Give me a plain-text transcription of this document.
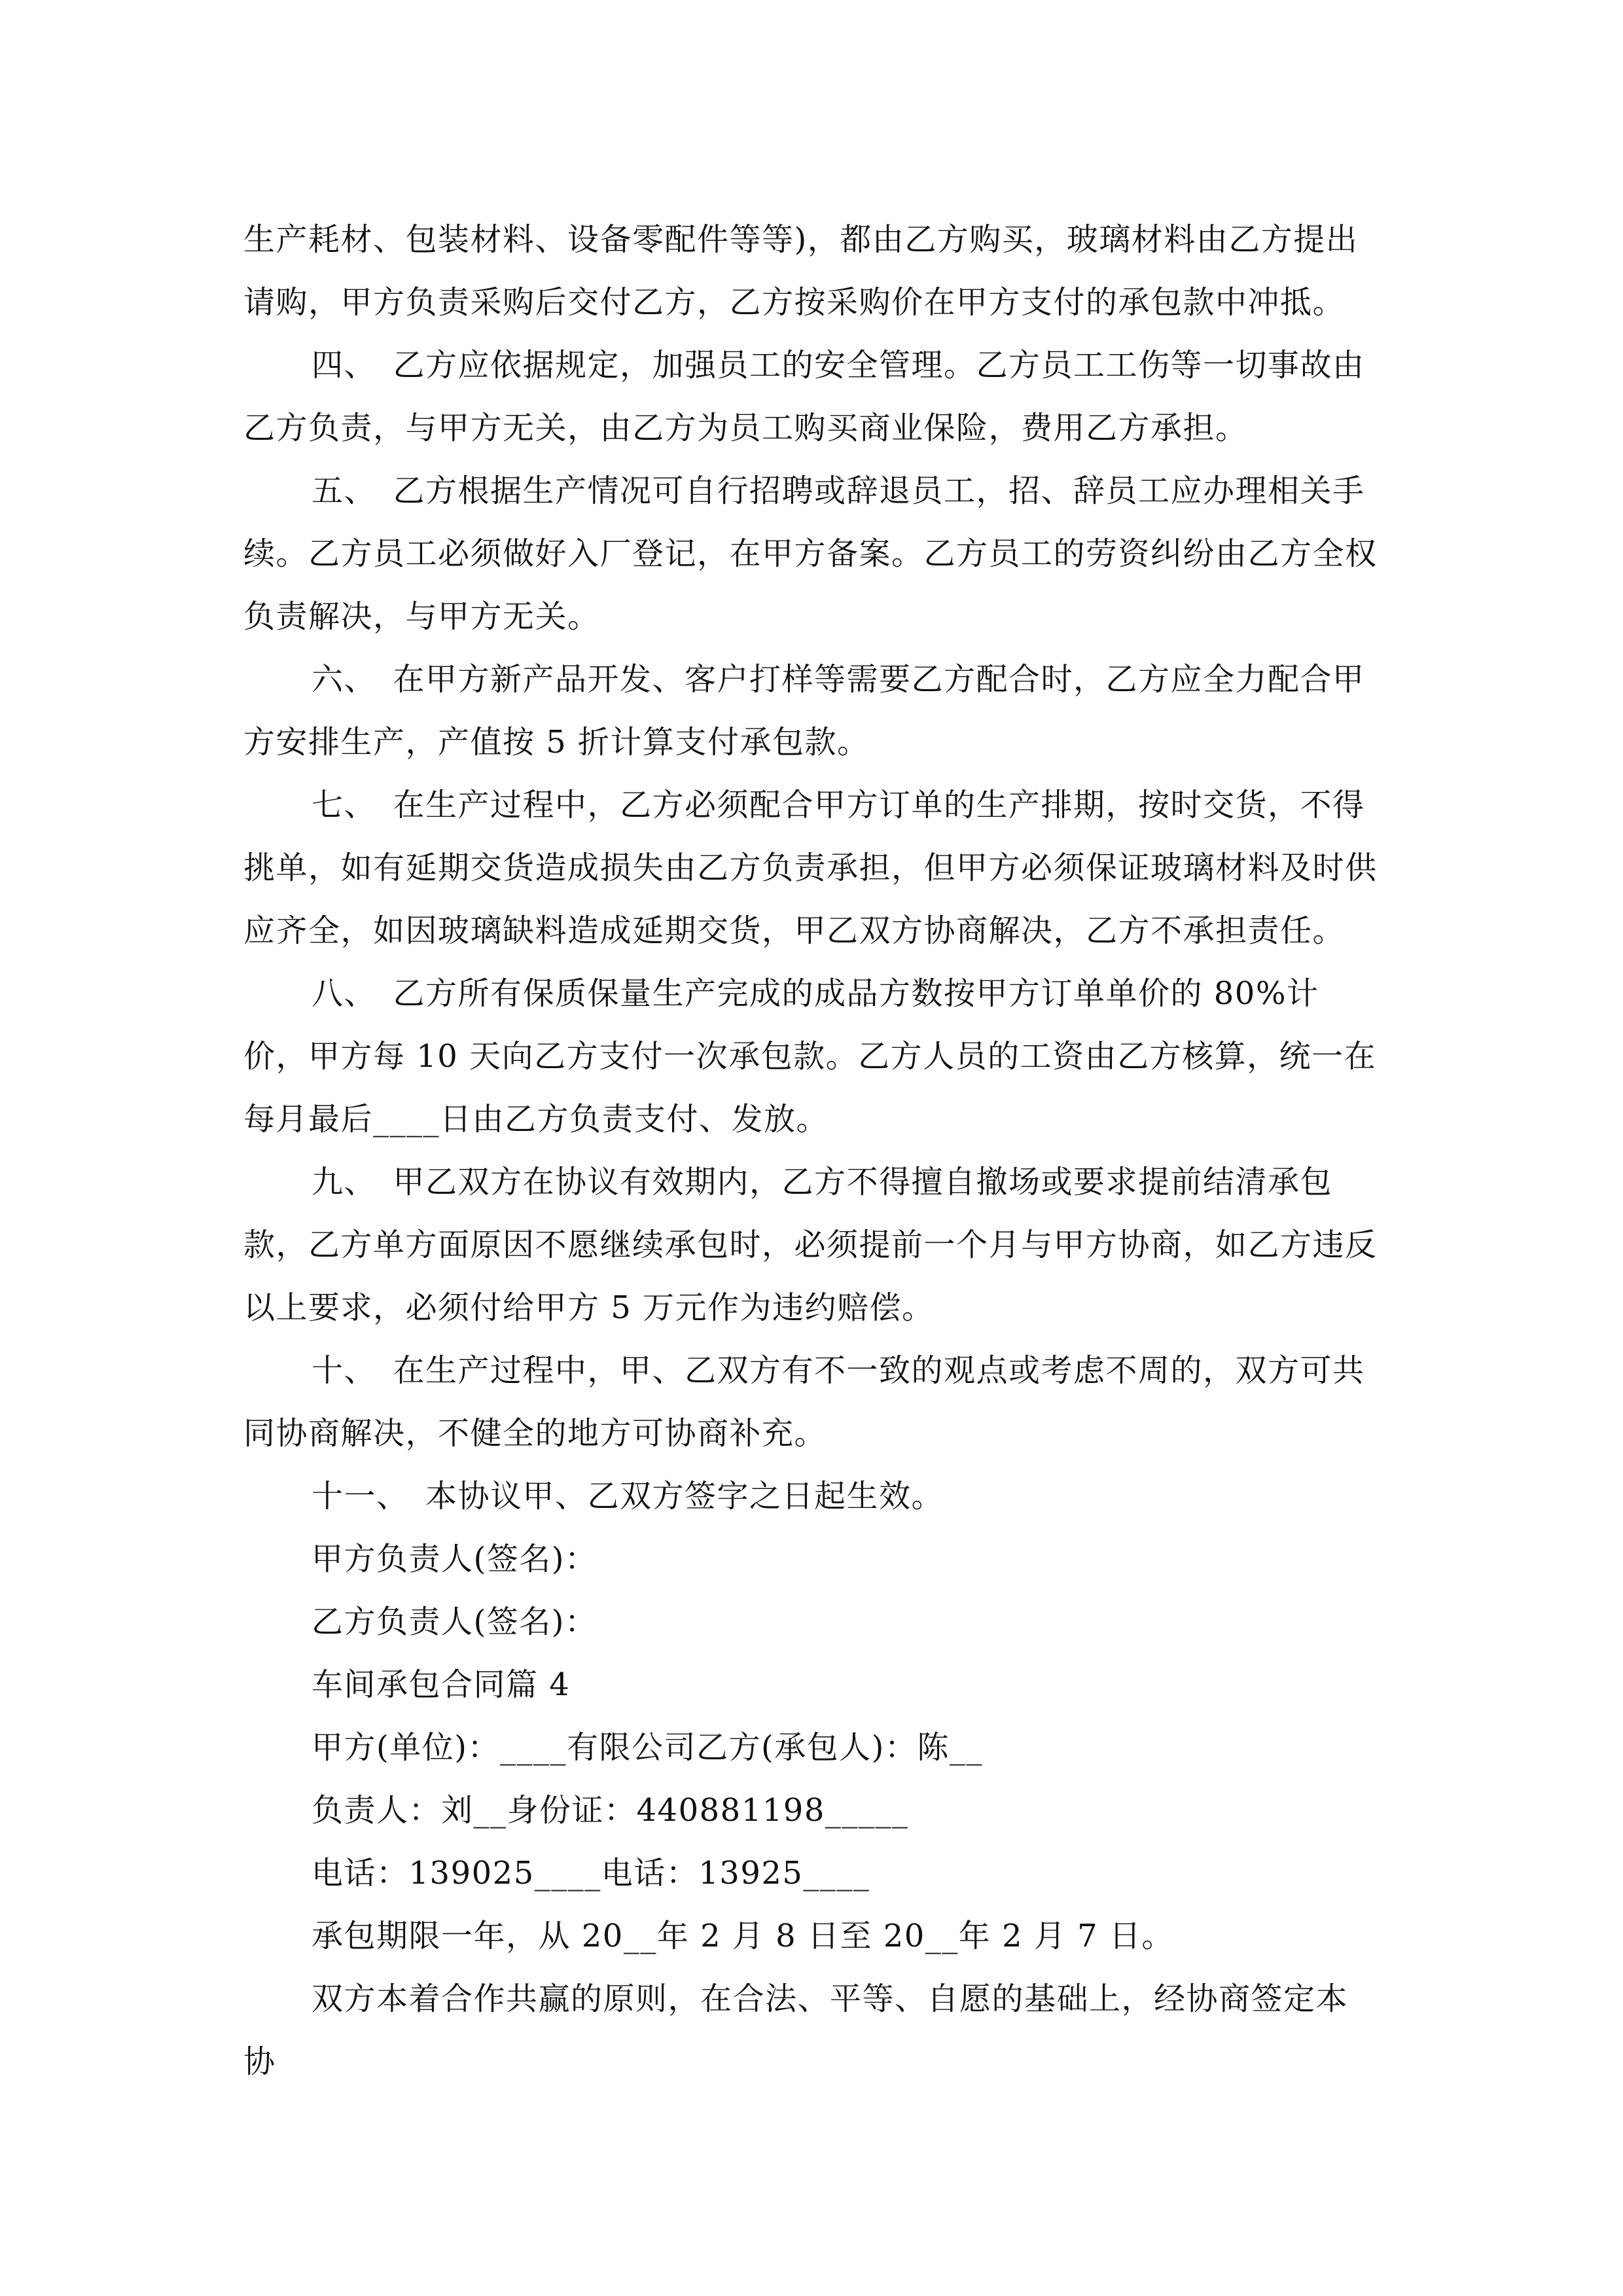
生产耗材、包装材料、设备零配件等等)，都由乙方购买，玻璃材料由乙方提出请购，甲方负责采购后交付乙方，乙方按采购价在甲方支付的承包款中冲抵。

四、　乙方应依据规定，加强员工的安全管理。乙方员工工伤等一切事故由乙方负责，与甲方无关，由乙方为员工购买商业保险，费用乙方承担。

五、　乙方根据生产情况可自行招聘或辞退员工，招、辞员工应办理相关手续。乙方员工必须做好入厂登记，在甲方备案。乙方员工的劳资纠纷由乙方全权负责解决，与甲方无关。

六、　在甲方新产品开发、客户打样等需要乙方配合时，乙方应全力配合甲方安排生产，产值按 5 折计算支付承包款。

七、　在生产过程中，乙方必须配合甲方订单的生产排期，按时交货，不得挑单，如有延期交货造成损失由乙方负责承担，但甲方必须保证玻璃材料及时供应齐全，如因玻璃缺料造成延期交货，甲乙双方协商解决，乙方不承担责任。

八、　乙方所有保质保量生产完成的成品方数按甲方订单单价的 80%计价，甲方每 10 天向乙方支付一次承包款。乙方人员的工资由乙方核算，统一在每月最后____日由乙方负责支付、发放。

九、　甲乙双方在协议有效期内，乙方不得擅自撤场或要求提前结清承包款，乙方单方面原因不愿继续承包时，必须提前一个月与甲方协商，如乙方违反以上要求，必须付给甲方 5 万元作为违约赔偿。

十、　在生产过程中，甲、乙双方有不一致的观点或考虑不周的，双方可共同协商解决，不健全的地方可协商补充。

十一、　本协议甲、乙双方签字之日起生效。

甲方负责人(签名)：

乙方负责人(签名)：

车间承包合同篇 4

甲方(单位)：____有限公司乙方(承包人)：陈__

负责人：刘__身份证：440881198_____

电话：139025____电话：13925____

承包期限一年，从 20__年 2 月 8 日至 20__年 2 月 7 日。

双方本着合作共赢的原则，在合法、平等、自愿的基础上，经协商签定本协
